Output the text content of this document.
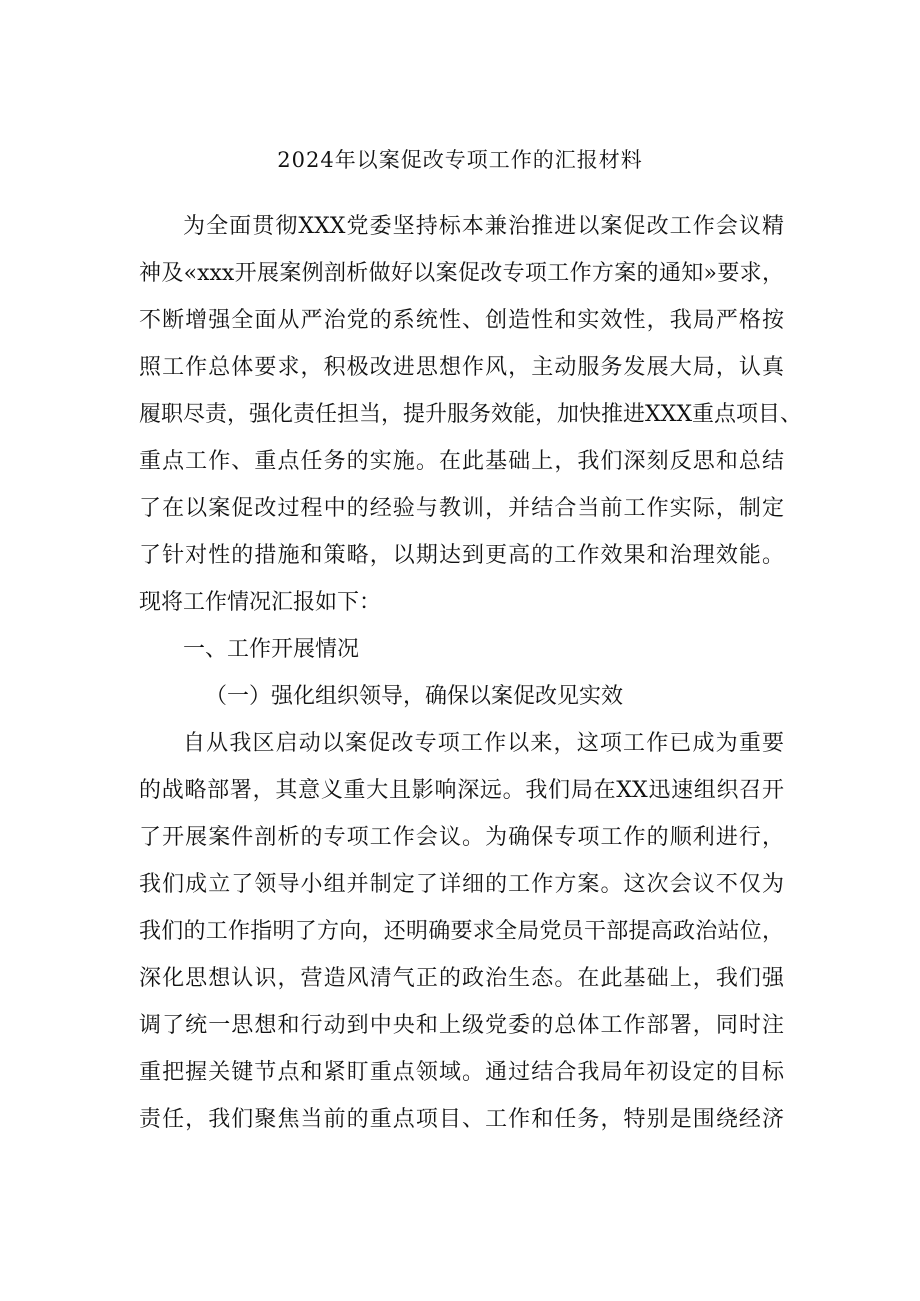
2024年以案促改专项工作的汇报材料
为全面贯彻XXX党委坚持标本兼治推进以案促改工作会议精
神及«xxx开展案例剖析做好以案促改专项工作方案的通知»要求，
不断增强全面从严治党的系统性、创造性和实效性，我局严格按
照工作总体要求，积极改进思想作风，主动服务发展大局，认真
履职尽责，强化责任担当，提升服务效能，加快推进XXX重点项目、
重点工作、重点任务的实施。在此基础上，我们深刻反思和总结
了在以案促改过程中的经验与教训，并结合当前工作实际，制定
了针对性的措施和策略，以期达到更高的工作效果和治理效能。
现将工作情况汇报如下：
一、工作开展情况
（一）强化组织领导，确保以案促改见实效
自从我区启动以案促改专项工作以来，这项工作已成为重要
的战略部署，其意义重大且影响深远。我们局在XX迅速组织召开
了开展案件剖析的专项工作会议。为确保专项工作的顺利进行，
我们成立了领导小组并制定了详细的工作方案。这次会议不仅为
我们的工作指明了方向，还明确要求全局党员干部提高政治站位，
深化思想认识，营造风清气正的政治生态。在此基础上，我们强
调了统一思想和行动到中央和上级党委的总体工作部署，同时注
重把握关键节点和紧盯重点领域。通过结合我局年初设定的目标
责任，我们聚焦当前的重点项目、工作和任务，特别是围绕经济
